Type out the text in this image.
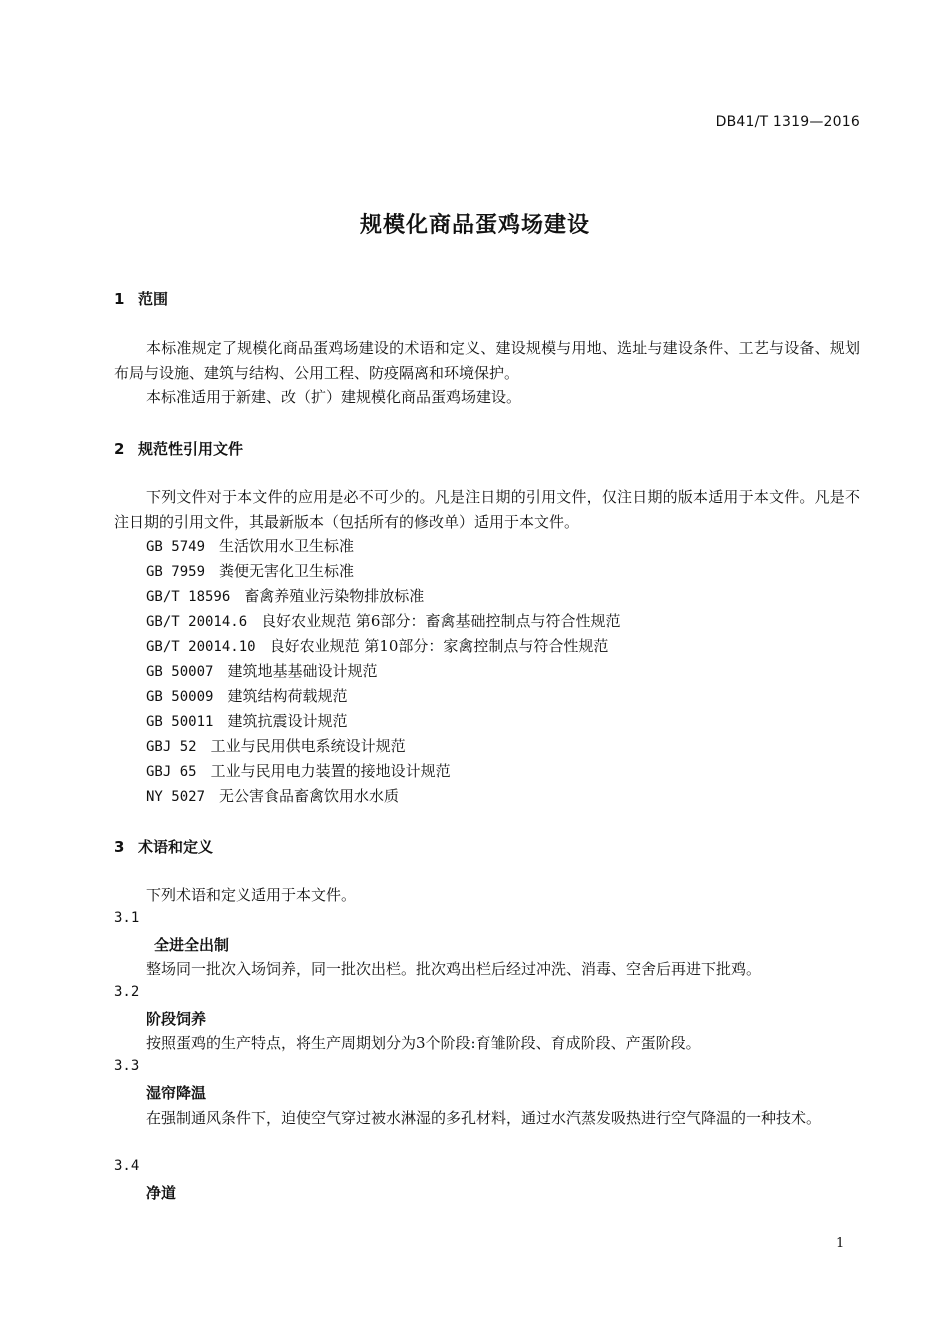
DB41/T 1319—2016
规模化商品蛋鸡场建设
1 范围
本标准规定了规模化商品蛋鸡场建设的术语和定义、建设规模与用地、选址与建设条件、工艺与设备、规划布局与设施、建筑与结构、公用工程、防疫隔离和环境保护。
本标准适用于新建、改（扩）建规模化商品蛋鸡场建设。
2 规范性引用文件
下列文件对于本文件的应用是必不可少的。凡是注日期的引用文件，仅注日期的版本适用于本文件。凡是不注日期的引用文件，其最新版本（包括所有的修改单）适用于本文件。
GB 5749 生活饮用水卫生标准
GB 7959 粪便无害化卫生标准
GB/T 18596 畜禽养殖业污染物排放标准
GB/T 20014.6 良好农业规范 第6部分：畜禽基础控制点与符合性规范
GB/T 20014.10 良好农业规范 第10部分：家禽控制点与符合性规范
GB 50007 建筑地基基础设计规范
GB 50009 建筑结构荷载规范
GB 50011 建筑抗震设计规范
GBJ 52 工业与民用供电系统设计规范
GBJ 65 工业与民用电力装置的接地设计规范
NY 5027 无公害食品畜禽饮用水水质
3 术语和定义
下列术语和定义适用于本文件。
3.1
全进全出制
整场同一批次入场饲养，同一批次出栏。批次鸡出栏后经过冲洗、消毒、空舍后再进下批鸡。
3.2
阶段饲养
按照蛋鸡的生产特点，将生产周期划分为3个阶段:育雏阶段、育成阶段、产蛋阶段。
3.3
湿帘降温
在强制通风条件下，迫使空气穿过被水淋湿的多孔材料，通过水汽蒸发吸热进行空气降温的一种技术。
3.4
净道
1
